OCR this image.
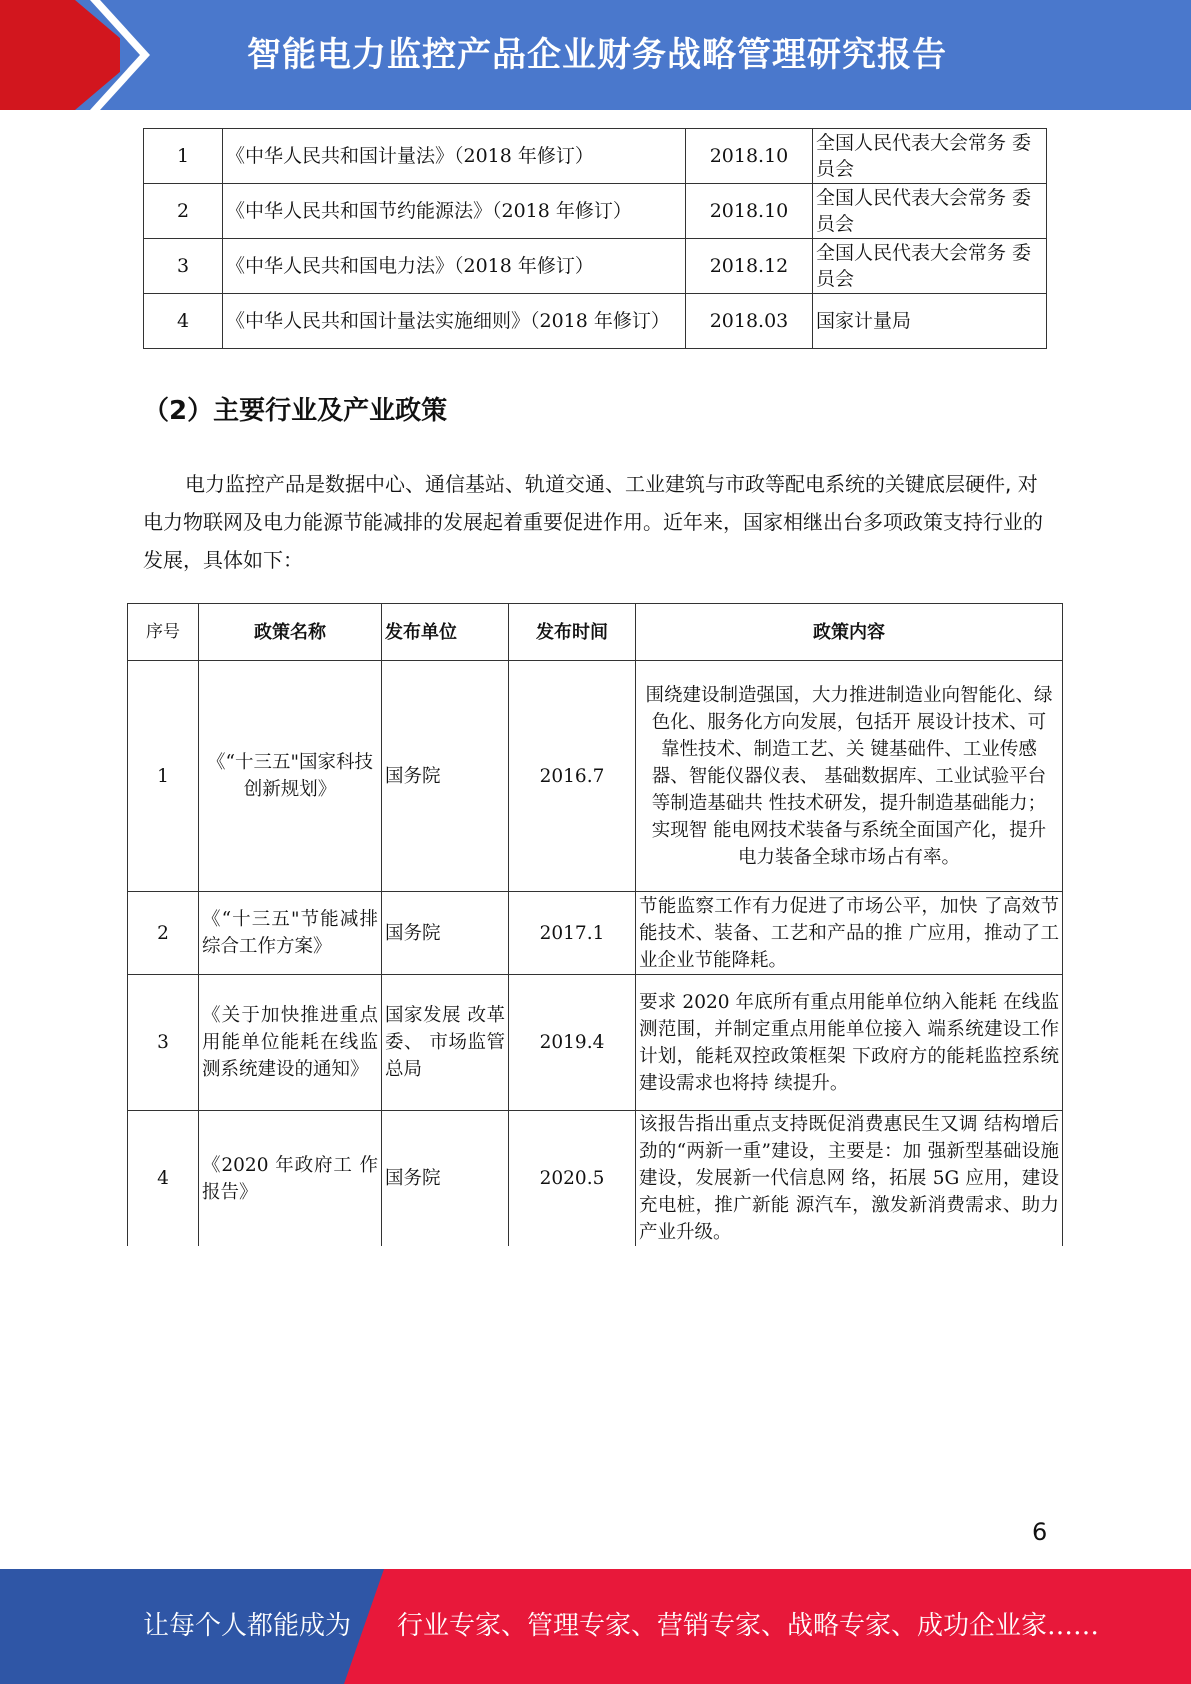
智能电力监控产品企业财务战略管理研究报告
1	《中华人民共和国计量法》（2018 年修订）	2018.10	全国人民代表大会常务 委员会
2	《中华人民共和国节约能源法》（2018 年修订）	2018.10	全国人民代表大会常务 委员会
3	《中华人民共和国电力法》（2018 年修订）	2018.12	全国人民代表大会常务 委员会
4	《中华人民共和国计量法实施细则》（2018 年修订）	2018.03	国家计量局
（2）主要行业及产业政策
电力监控产品是数据中心、通信基站、轨道交通、工业建筑与市政等配电系统的关键底层硬件, 对电力物联网及电力能源节能减排的发展起着重要促进作用。近年来，国家相继出台多项政策支持行业的发展，具体如下：
序号	政策名称	发布单位	发布时间	政策内容
1	《“十三五"国家科技创新规划》	国务院	2016.7	围绕建设制造强国，大力推进制造业向智能化、绿色化、服务化方向发展，包括开 展设计技术、可靠性技术、制造工艺、关 键基础件、工业传感器、智能仪器仪表、 基础数据库、工业试验平台等制造基础共 性技术研发，提升制造基础能力；实现智 能电网技术装备与系统全面国产化，提升 电力装备全球市场占有率。
2	《“十三五"节能减排综合工作方案》	国务院	2017.1	节能监察工作有力促进了市场公平，加快 了高效节能技术、装备、工艺和产品的推 广应用，推动了工业企业节能降耗。
3	《关于加快推进重点用能单位能耗在线监测系统建设的通知》	国家发展 改革委、 市场监管 总局	2019.4	要求 2020 年底所有重点用能单位纳入能耗 在线监测范围，并制定重点用能单位接入 端系统建设工作计划，能耗双控政策框架 下政府方的能耗监控系统建设需求也将持 续提升。
4	《2020 年政府工 作报告》	国务院	2020.5	该报告指出重点支持既促消费惠民生又调 结构增后劲的“两新一重”建设，主要是：加 强新型基础设施建设，发展新一代信息网 络，拓展 5G 应用，建设充电桩，推广新能 源汽车，激发新消费需求、助力产业升级。
6
让每个人都能成为 行业专家、管理专家、营销专家、战略专家、成功企业家……
